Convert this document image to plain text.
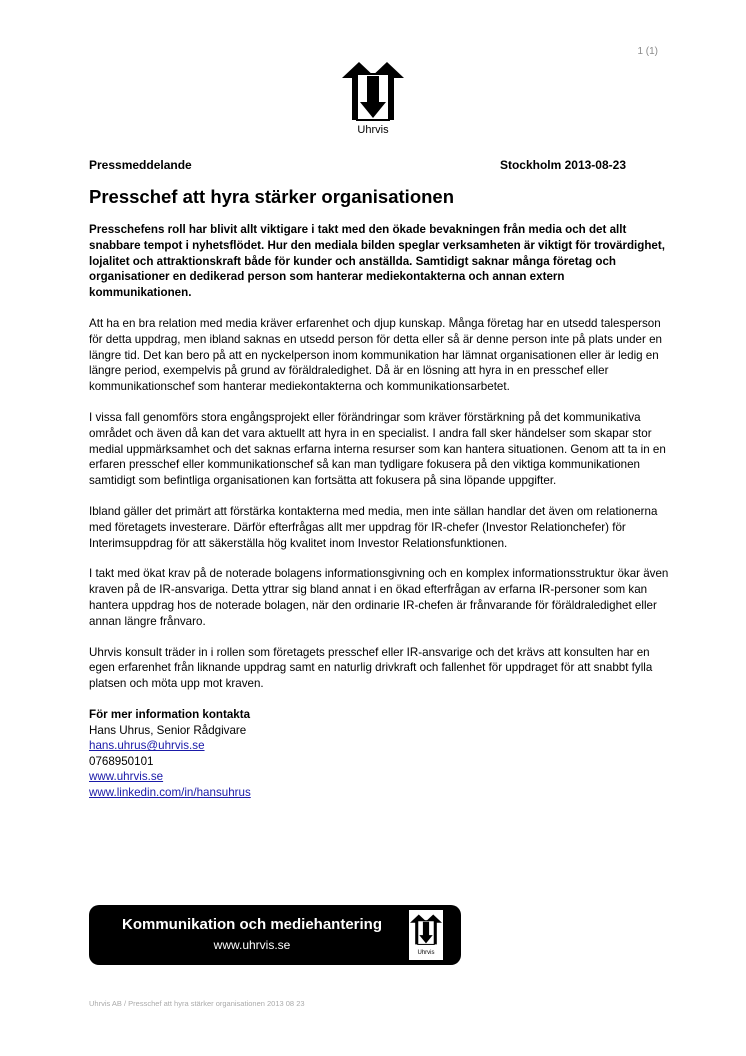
1 (1)
Uhrvis
Pressmeddelande	Stockholm 2013-08-23
Presschef att hyra stärker organisationen

Presschefens roll har blivit allt viktigare i takt med den ökade bevakningen från media och det allt snabbare tempot i nyhetsflödet. Hur den mediala bilden speglar verksamheten är viktigt för trovärdighet, lojalitet och attraktionskraft både för kunder och anställda. Samtidigt saknar många företag och organisationer en dedikerad person som hanterar mediekontakterna och annan extern kommunikationen.

Att ha en bra relation med media kräver erfarenhet och djup kunskap. Många företag har en utsedd talesperson för detta uppdrag, men ibland saknas en utsedd person för detta eller så är denne person inte på plats under en längre tid. Det kan bero på att en nyckelperson inom kommunikation har lämnat organisationen eller är ledig en längre period, exempelvis på grund av föräldraledighet. Då är en lösning att hyra in en presschef eller kommunikationschef som hanterar mediekontakterna och kommunikationsarbetet.

I vissa fall genomförs stora engångsprojekt eller förändringar som kräver förstärkning på det kommunikativa området och även då kan det vara aktuellt att hyra in en specialist. I andra fall sker händelser som skapar stor medial uppmärksamhet och det saknas erfarna interna resurser som kan hantera situationen. Genom att ta in en erfaren presschef eller kommunikationschef så kan man tydligare fokusera på den viktiga kommunikationen samtidigt som befintliga organisationen kan fortsätta att fokusera på sina löpande uppgifter.

Ibland gäller det primärt att förstärka kontakterna med media, men inte sällan handlar det även om relationerna med företagets investerare. Därför efterfrågas allt mer uppdrag för IR-chefer (Investor Relationchefer) för Interimsuppdrag för att säkerställa hög kvalitet inom Investor Relationsfunktionen.

I takt med ökat krav på de noterade bolagens informationsgivning och en komplex informationsstruktur ökar även kraven på de IR-ansvariga. Detta yttrar sig bland annat i en ökad efterfrågan av erfarna IR-personer som kan hantera uppdrag hos de noterade bolagen, när den ordinarie IR-chefen är frånvarande för föräldraledighet eller annan längre frånvaro.

Uhrvis konsult träder in i rollen som företagets presschef eller IR-ansvarige och det krävs att konsulten har en egen erfarenhet från liknande uppdrag samt en naturlig drivkraft och fallenhet för uppdraget för att snabbt fylla platsen och möta upp mot kraven.

För mer information kontakta
Hans Uhrus, Senior Rådgivare
hans.uhrus@uhrvis.se
0768950101
www.uhrvis.se
www.linkedin.com/in/hansuhrus
Kommunikation och mediehantering
www.uhrvis.se
Uhrvis
Uhrvis AB / Presschef att hyra stärker organisationen 2013 08 23
